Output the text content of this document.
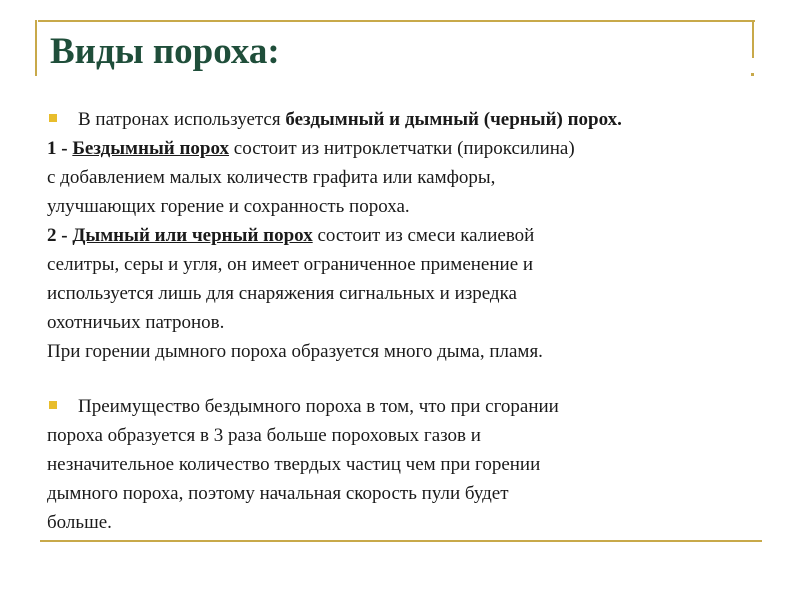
Виды пороха:
В патронах используется бездымный и дымный (черный) порох.
1 - Бездымный порох состоит из нитроклетчатки (пироксилина)
с добавлением малых количеств графита или камфоры,
улучшающих горение и сохранность пороха.
2 - Дымный или черный порох состоит из смеси калиевой
селитры, серы и угля, он имеет ограниченное применение и
используется лишь для снаряжения сигнальных и изредка
охотничьих патронов.
При горении дымного пороха образуется много дыма, пламя.
Преимущество бездымного пороха в том, что при сгорании
пороха образуется в 3 раза больше пороховых газов и
незначительное количество твердых частиц чем при горении
дымного пороха, поэтому начальная скорость пули будет
больше.
